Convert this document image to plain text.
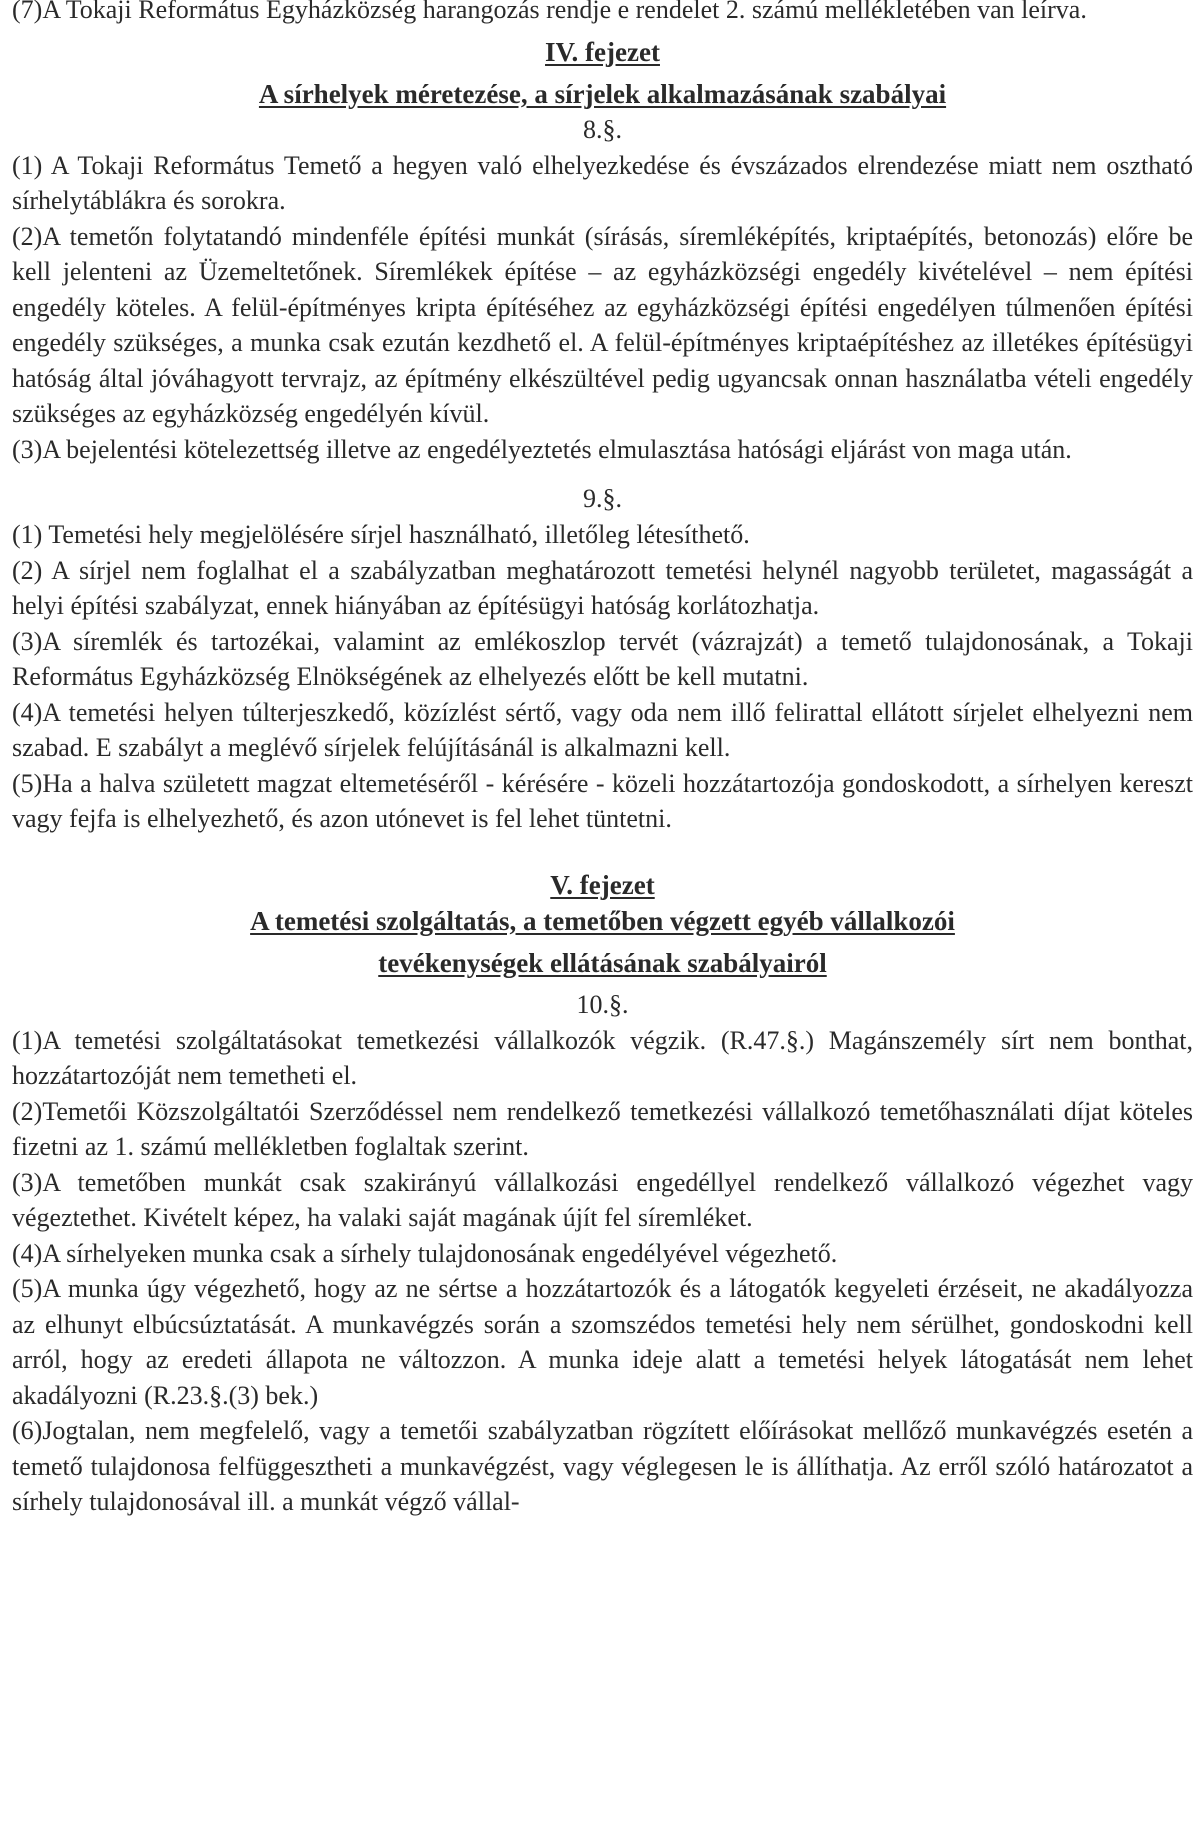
(7)A Tokaji Református Egyházközség harangozás rendje e rendelet 2. számú mellékletében van leírva.

IV. fejezet

A sírhelyek méretezése, a sírjelek alkalmazásának szabályai

8.§.

(1) A Tokaji Református Temető a hegyen való elhelyezkedése és évszázados elrendezése miatt nem osztható sírhelytáblákra és sorokra.

(2)A temetőn folytatandó mindenféle építési munkát (sírásás, síremléképítés, kriptaépítés, betonozás) előre be kell jelenteni az Üzemeltetőnek. Síremlékek építése – az egyházközségi engedély kivételével – nem építési engedély köteles. A felül-építményes kripta építéséhez az egyházközségi építési engedélyen túlmenően építési engedély szükséges, a munka csak ezután kezdhető el. A felül-építményes kriptaépítéshez az illetékes építésügyi hatóság által jóváhagyott tervrajz, az építmény elkészültével pedig ugyancsak onnan használatba vételi engedély szükséges az egyházközség engedélyén kívül.

(3)A bejelentési kötelezettség illetve az engedélyeztetés elmulasztása hatósági eljárást von maga után.

9.§.

(1) Temetési hely megjelölésére sírjel használható, illetőleg létesíthető.

(2) A sírjel nem foglalhat el a szabályzatban meghatározott temetési helynél nagyobb területet, magasságát a helyi építési szabályzat, ennek hiányában az építésügyi hatóság korlátozhatja.

(3)A síremlék és tartozékai, valamint az emlékoszlop tervét (vázrajzát) a temető tulajdonosának, a Tokaji Református Egyházközség Elnökségének az elhelyezés előtt be kell mutatni.

(4)A temetési helyen túlterjeszkedő, közízlést sértő, vagy oda nem illő felirattal ellátott sírjelet elhelyezni nem szabad. E szabályt a meglévő sírjelek felújításánál is alkalmazni kell.

(5)Ha a halva született magzat eltemetéséről - kérésére - közeli hozzátartozója gondoskodott, a sírhelyen kereszt vagy fejfa is elhelyezhető, és azon utónevet is fel lehet tüntetni.

V. fejezet

A temetési szolgáltatás, a temetőben végzett egyéb vállalkozói

tevékenységek ellátásának szabályairól

10.§.

(1)A temetési szolgáltatásokat temetkezési vállalkozók végzik. (R.47.§.) Magánszemély sírt nem bonthat, hozzátartozóját nem temetheti el.

(2)Temetői Közszolgáltatói Szerződéssel nem rendelkező temetkezési vállalkozó temetőhasználati díjat köteles fizetni az 1. számú mellékletben foglaltak szerint.

(3)A temetőben munkát csak szakirányú vállalkozási engedéllyel rendelkező vállalkozó végezhet vagy végeztethet. Kivételt képez, ha valaki saját magának újít fel síremléket.

(4)A sírhelyeken munka csak a sírhely tulajdonosának engedélyével végezhető.

(5)A munka úgy végezhető, hogy az ne sértse a hozzátartozók és a látogatók kegyeleti érzéseit, ne akadályozza az elhunyt elbúcsúztatását. A munkavégzés során a szomszédos temetési hely nem sérülhet, gondoskodni kell arról, hogy az eredeti állapota ne változzon. A munka ideje alatt a temetési helyek látogatását nem lehet akadályozni (R.23.§.(3) bek.)

(6)Jogtalan, nem megfelelő, vagy a temetői szabályzatban rögzített előírásokat mellőző munkavégzés esetén a temető tulajdonosa felfüggesztheti a munkavégzést, vagy véglegesen le is állíthatja. Az erről szóló határozatot a sírhely tulajdonosával ill. a munkát végző vállal-
